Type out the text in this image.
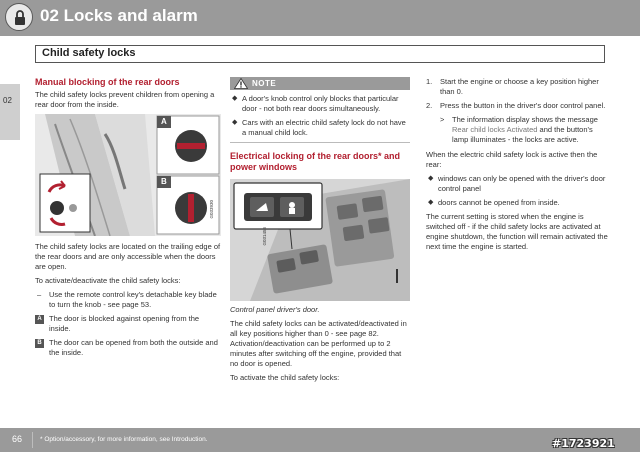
02 Locks and alarm
Child safety locks
02
Manual blocking of the rear doors

The child safety locks prevent children from opening a rear door from the inside.

A
B
G033930

The child safety locks are located on the trailing edge of the rear doors and are only accessible when the doors are open.

To activate/deactivate the child safety locks:

– Use the remote control key's detachable key blade to turn the knob - see page 53.
A The door is blocked against opening from the inside.
B The door can be opened from both the outside and the inside.
NOTE
◆ A door's knob control only blocks that particular door - not both rear doors simultaneously.
◆ Cars with an electric child safety lock do not have a manual child lock.
Electrical locking of the rear doors* and power windows
G031456

Control panel driver's door.

The child safety locks can be activated/deactivated in all key positions higher than 0 - see page 82. Activation/deactivation can be performed up to 2 minutes after switching off the engine, provided that no door is opened.

To activate the child safety locks:

1. Start the engine or choose a key position higher than 0.
2. Press the button in the driver's door control panel.
> The information display shows the message Rear child locks Activated and the button's lamp illuminates - the locks are active.

When the electric child safety lock is active then the rear:

◆ windows can only be opened with the driver's door control panel
◆ doors cannot be opened from inside.

The current setting is stored when the engine is switched off - if the child safety locks are activated at engine shutdown, the function will remain activated the next time the engine is started.

66	* Option/accessory, for more information, see Introduction.	#1723921
